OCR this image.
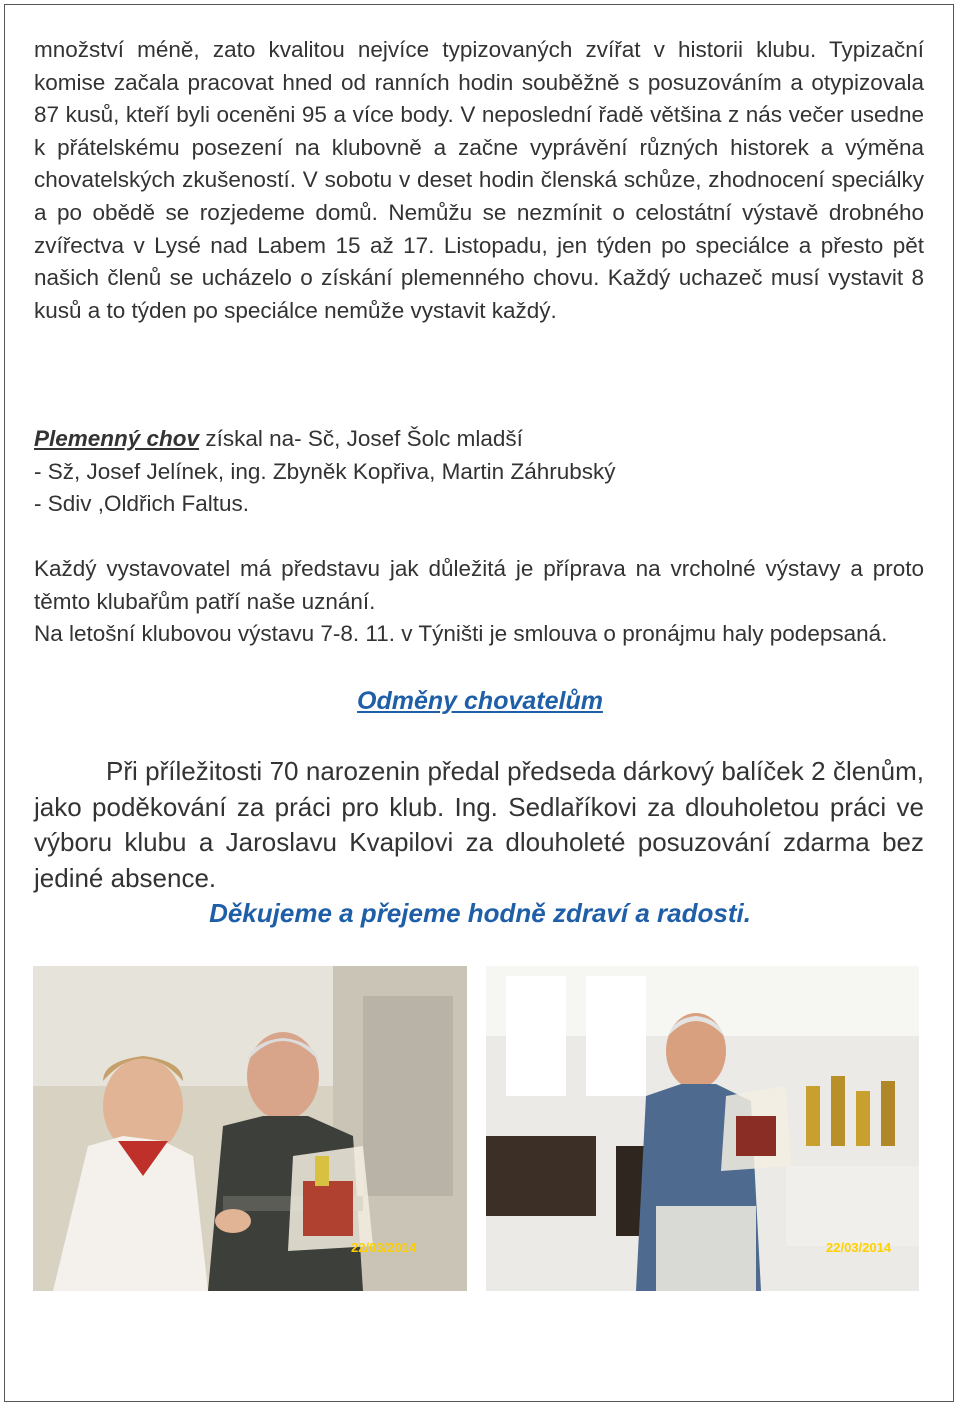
množství méně, zato kvalitou nejvíce typizovaných zvířat v historii klubu. Typizační komise začala pracovat hned od ranních hodin souběžně s posuzováním a otypizovala 87 kusů, kteří byli oceněni 95 a více body. V neposlední řadě většina z nás večer usedne k přátelskému posezení na klubovně a začne vyprávění různých historek a výměna chovatelských zkušeností. V sobotu v deset hodin členská schůze, zhodnocení speciálky a po obědě se rozjedeme domů. Nemůžu se nezmínit o celostátní výstavě drobného zvířectva v Lysé nad Labem 15 až 17. Listopadu, jen týden po speciálce a přesto pět našich členů se ucházelo o získání plemenného chovu. Každý uchazeč musí vystavit 8 kusů a to týden po speciálce nemůže vystavit každý.

Plemenný chov získal na- Sč, Josef Šolc mladší

- Sž, Josef Jelínek, ing. Zbyněk Kopřiva, Martin Záhrubský

- Sdiv ,Oldřich Faltus.

Každý vystavovatel má představu jak důležitá je příprava na vrcholné výstavy a proto těmto klubařům patří naše uznání.

Na letošní klubovou výstavu 7-8. 11. v Týništi je smlouva o pronájmu haly podepsaná.

Odměny chovatelům

Při příležitosti 70 narozenin předal předseda dárkový balíček 2 členům, jako poděkování za práci pro klub. Ing. Sedlaříkovi za dlouholetou práci ve výboru klubu a Jaroslavu Kvapilovi za dlouholeté posuzování zdarma bez jediné absence.

Děkujeme a přejeme hodně zdraví a radosti.
22/03/2014	22/03/2014
